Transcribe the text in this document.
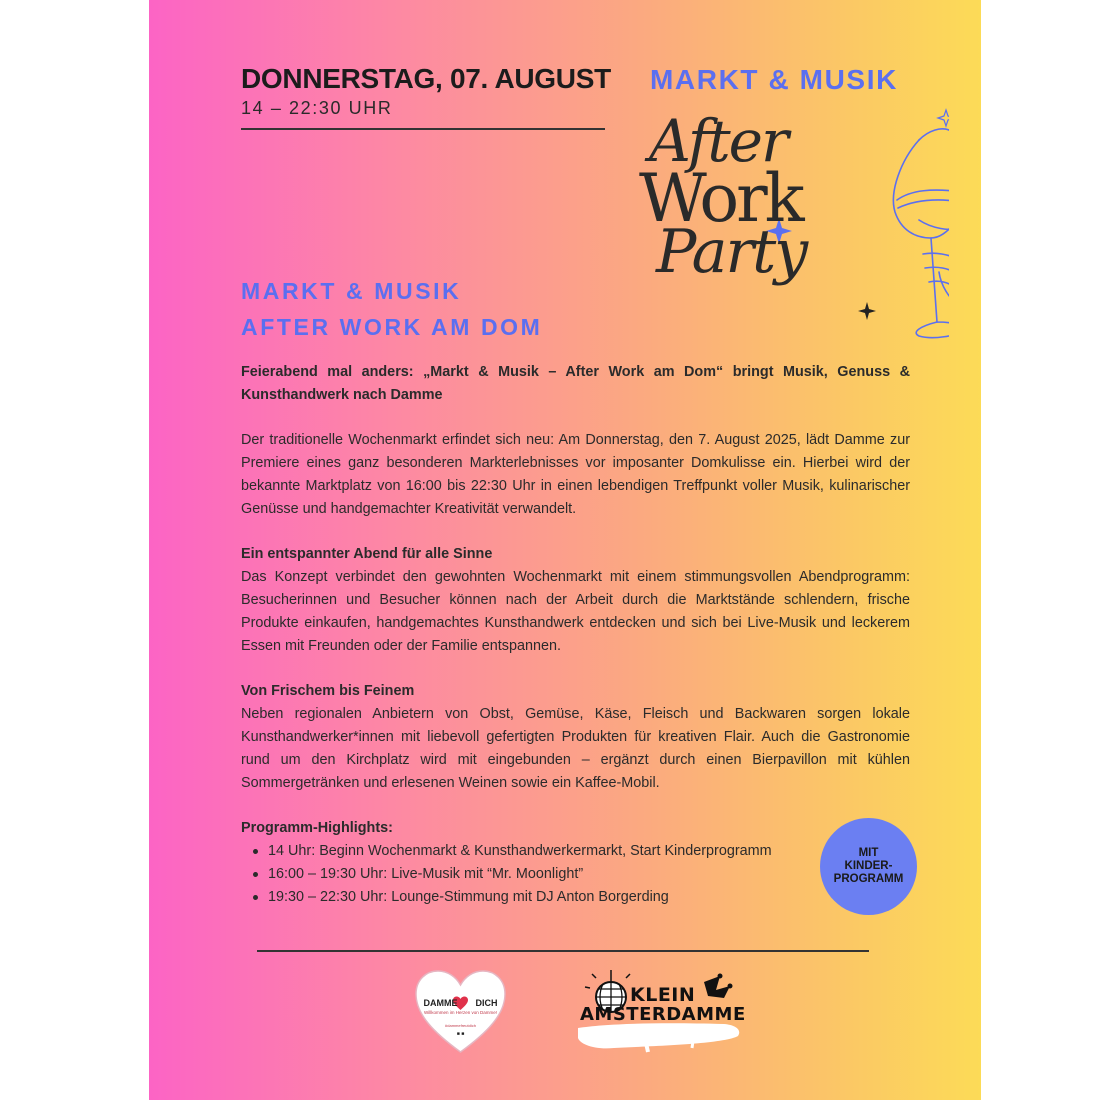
DONNERSTAG, 07. AUGUST
14 – 22:30 UHR
MARKT & MUSIK
After
Work
Party
MARKT & MUSIK
AFTER WORK AM DOM

Feierabend mal anders: „Markt & Musik – After Work am Dom“ bringt Musik, Genuss & Kunsthandwerk nach Damme

Der traditionelle Wochenmarkt erfindet sich neu: Am Donnerstag, den 7. August 2025, lädt Damme zur Premiere eines ganz besonderen Markterlebnisses vor imposanter Domkulisse ein. Hierbei wird der bekannte Marktplatz von 16:00 bis 22:30 Uhr in einen lebendigen Treffpunkt voller Musik, kulinarischer Genüsse und handgemachter Kreativität verwandelt.

Ein entspannter Abend für alle Sinne

Das Konzept verbindet den gewohnten Wochenmarkt mit einem stimmungsvollen Abendprogramm: Besucherinnen und Besucher können nach der Arbeit durch die Marktstände schlendern, frische Produkte einkaufen, handgemachtes Kunsthandwerk entdecken und sich bei Live-Musik und leckerem Essen mit Freunden oder der Familie entspannen.

Von Frischem bis Feinem

Neben regionalen Anbietern von Obst, Gemüse, Käse, Fleisch und Backwaren sorgen lokale Kunsthandwerker*innen mit liebevoll gefertigten Produkten für kreativen Flair. Auch die Gastronomie rund um den Kirchplatz wird mit eingebunden – ergänzt durch einen Bierpavillon mit kühlen Sommergetränken und erlesenen Weinen sowie ein Kaffee-Mobil.

Programm-Highlights:
14 Uhr: Beginn Wochenmarkt & Kunsthandwerkermarkt, Start Kinderprogramm
16:00 – 19:30 Uhr: Live-Musik mit “Mr. Moonlight”
19:30 – 22:30 Uhr: Lounge-Stimmung mit DJ Anton Borgerding
MIT
KINDER-
PROGRAMM
DAMME DICH
Willkommen im Herzen von Damme!
#dammefreutdich
■ ■
KLEIN
AMSTERDAMME
